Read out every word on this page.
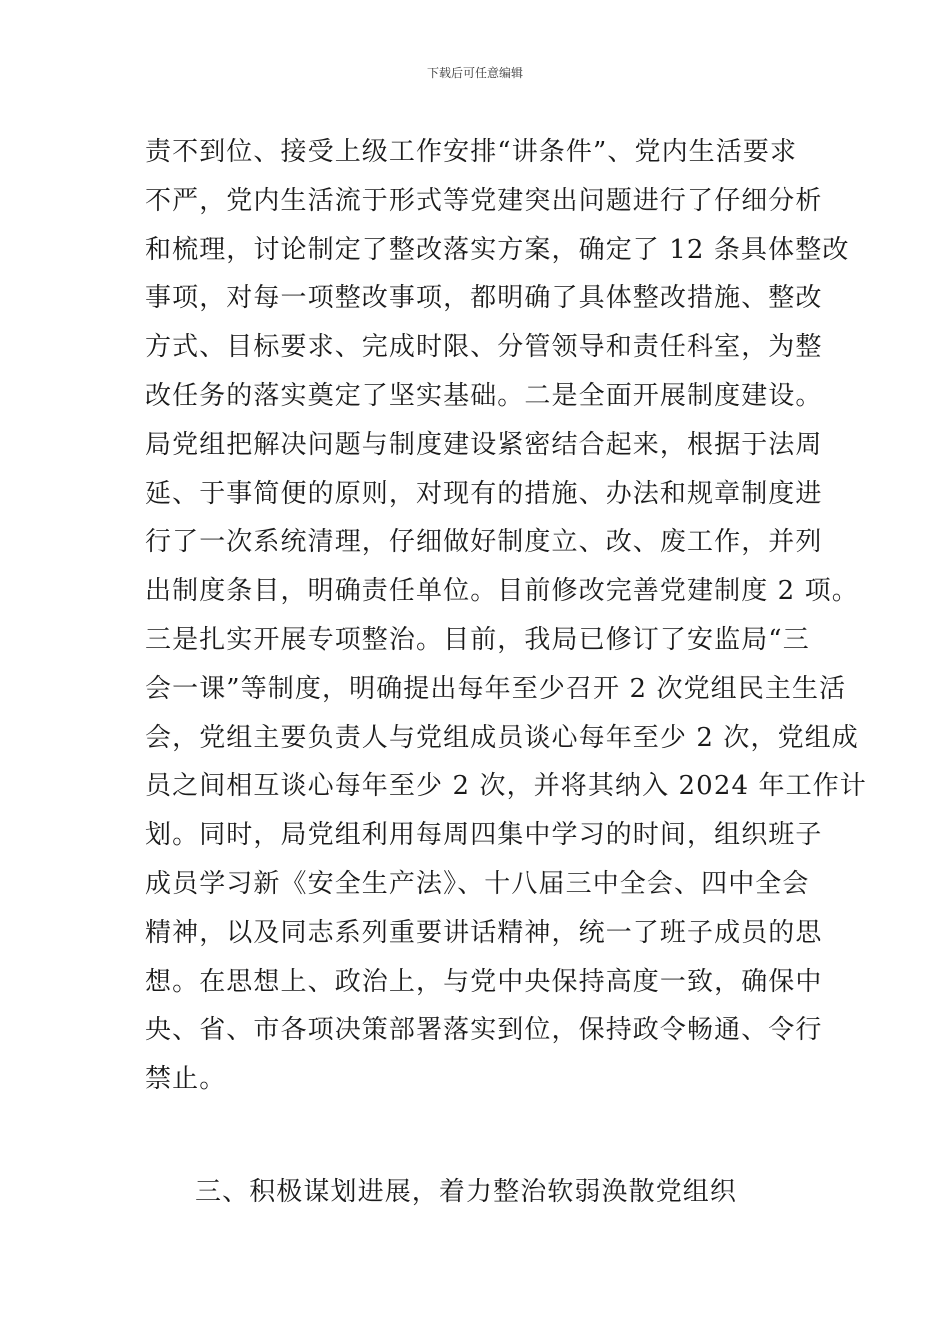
下载后可任意编辑
责不到位、接受上级工作安排“讲条件”、党内生活要求
不严，党内生活流于形式等党建突出问题进行了仔细分析
和梳理，讨论制定了整改落实方案，确定了 12 条具体整改
事项，对每一项整改事项，都明确了具体整改措施、整改
方式、目标要求、完成时限、分管领导和责任科室，为整
改任务的落实奠定了坚实基础。二是全面开展制度建设。
局党组把解决问题与制度建设紧密结合起来，根据于法周
延、于事简便的原则，对现有的措施、办法和规章制度进
行了一次系统清理，仔细做好制度立、改、废工作，并列
出制度条目，明确责任单位。目前修改完善党建制度 2 项。
三是扎实开展专项整治。目前，我局已修订了安监局“三
会一课”等制度，明确提出每年至少召开 2 次党组民主生活
会，党组主要负责人与党组成员谈心每年至少 2 次，党组成
员之间相互谈心每年至少 2 次，并将其纳入 2024 年工作计
划。同时，局党组利用每周四集中学习的时间，组织班子
成员学习新《安全生产法》、十八届三中全会、四中全会
精神，以及同志系列重要讲话精神，统一了班子成员的思
想。在思想上、政治上，与党中央保持高度一致，确保中
央、省、市各项决策部署落实到位，保持政令畅通、令行
禁止。
三、积极谋划进展，着力整治软弱涣散党组织
